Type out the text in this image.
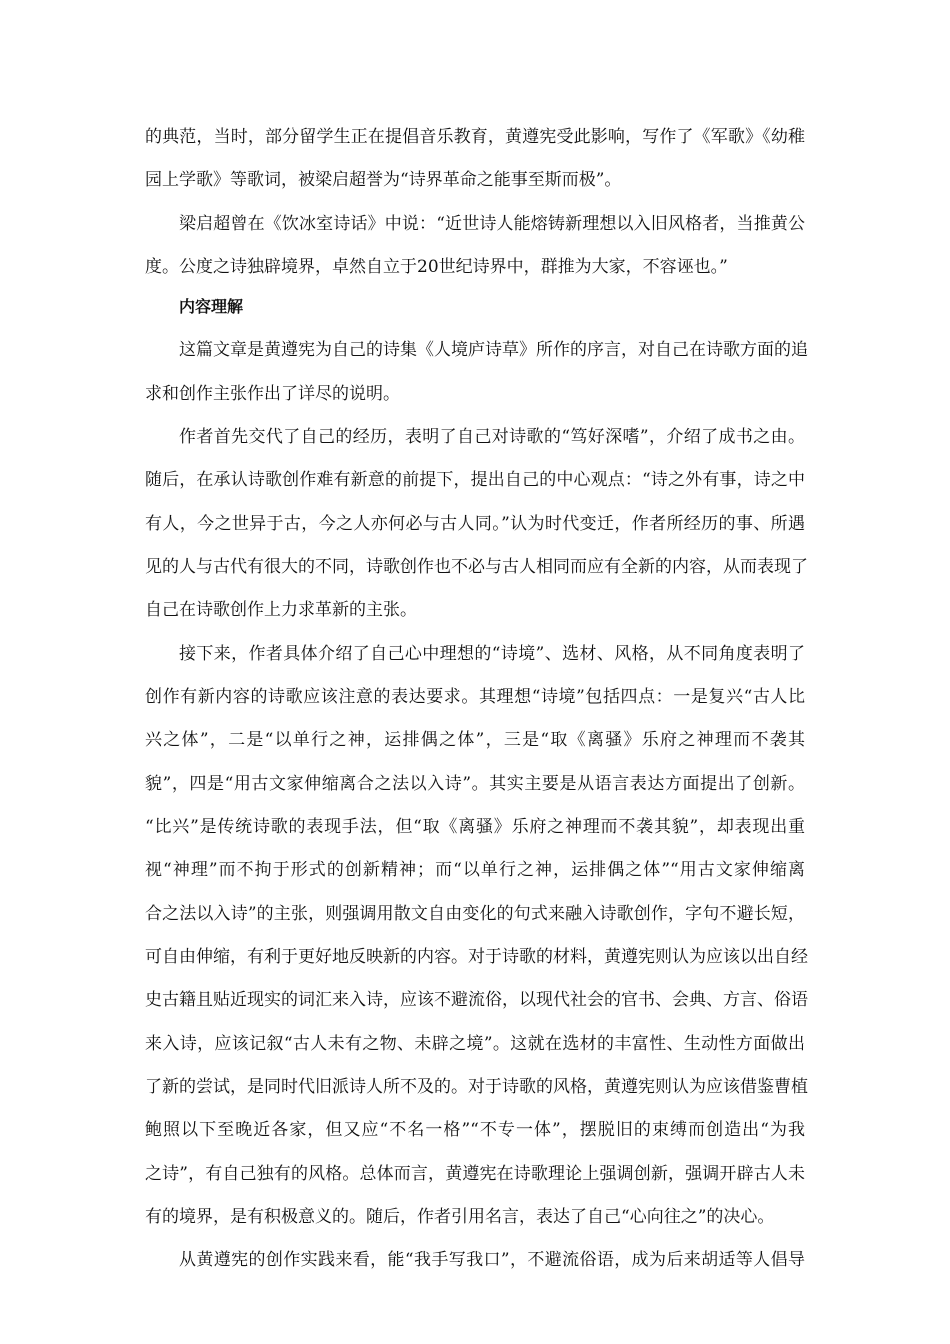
的典范，当时，部分留学生正在提倡音乐教育，黄遵宪受此影响，写作了《军歌》《幼稚
园上学歌》等歌词，被梁启超誉为“诗界革命之能事至斯而极”。
梁启超曾在《饮冰室诗话》中说：“近世诗人能熔铸新理想以入旧风格者，当推黄公
度。公度之诗独辟境界，卓然自立于20世纪诗界中，群推为大家，不容诬也。”
内容理解
这篇文章是黄遵宪为自己的诗集《人境庐诗草》所作的序言，对自己在诗歌方面的追
求和创作主张作出了详尽的说明。
作者首先交代了自己的经历，表明了自己对诗歌的“笃好深嗜”，介绍了成书之由。
随后，在承认诗歌创作难有新意的前提下，提出自己的中心观点：“诗之外有事，诗之中
有人，今之世异于古，今之人亦何必与古人同。”认为时代变迁，作者所经历的事、所遇
见的人与古代有很大的不同，诗歌创作也不必与古人相同而应有全新的内容，从而表现了
自己在诗歌创作上力求革新的主张。
接下来，作者具体介绍了自己心中理想的“诗境”、选材、风格，从不同角度表明了
创作有新内容的诗歌应该注意的表达要求。其理想“诗境”包括四点：一是复兴“古人比
兴之体”，二是“以单行之神，运排偶之体”，三是“取《离骚》乐府之神理而不袭其
貌”，四是“用古文家伸缩离合之法以入诗”。其实主要是从语言表达方面提出了创新。
“比兴”是传统诗歌的表现手法，但“取《离骚》乐府之神理而不袭其貌”，却表现出重
视“神理”而不拘于形式的创新精神；而“以单行之神，运排偶之体”“用古文家伸缩离
合之法以入诗”的主张，则强调用散文自由变化的句式来融入诗歌创作，字句不避长短，
可自由伸缩，有利于更好地反映新的内容。对于诗歌的材料，黄遵宪则认为应该以出自经
史古籍且贴近现实的词汇来入诗，应该不避流俗，以现代社会的官书、会典、方言、俗语
来入诗，应该记叙“古人未有之物、未辟之境”。这就在选材的丰富性、生动性方面做出
了新的尝试，是同时代旧派诗人所不及的。对于诗歌的风格，黄遵宪则认为应该借鉴曹植
鲍照以下至晚近各家，但又应“不名一格”“不专一体”，摆脱旧的束缚而创造出“为我
之诗”，有自己独有的风格。总体而言，黄遵宪在诗歌理论上强调创新，强调开辟古人未
有的境界，是有积极意义的。随后，作者引用名言，表达了自己“心向往之”的决心。
从黄遵宪的创作实践来看，能“我手写我口”，不避流俗语，成为后来胡适等人倡导
